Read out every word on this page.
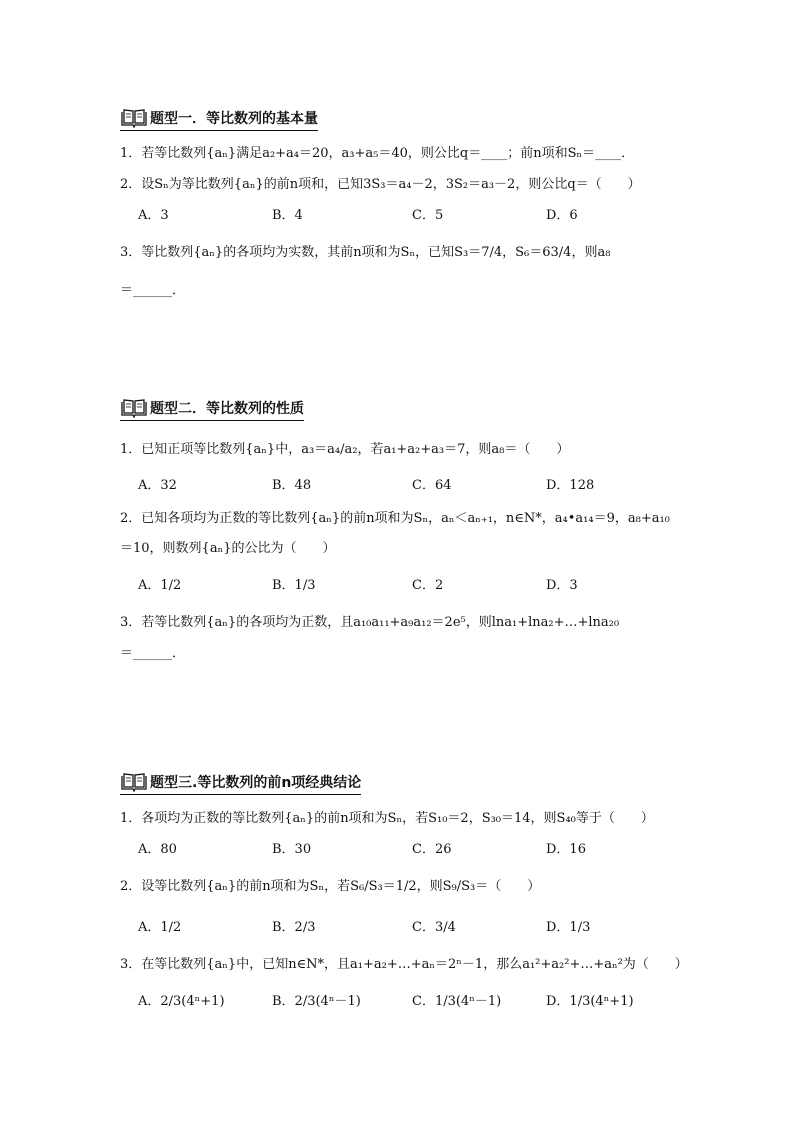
题型一．等比数列的基本量
1．若等比数列{aₙ}满足a₂+a₄＝20，a₃+a₅＝40，则公比q＝____；前n项和Sₙ＝____．
2．设Sₙ为等比数列{aₙ}的前n项和，已知3S₃＝a₄－2，3S₂＝a₃－2，则公比q＝（　　）
A．3	B．4	C．5	D．6
3．等比数列{aₙ}的各项均为实数，其前n项和为Sₙ，已知S₃＝7/4，S₆＝63/4，则a₈
＝______．
题型二．等比数列的性质
1．已知正项等比数列{aₙ}中，a₃＝a₄/a₂，若a₁+a₂+a₃＝7，则a₈＝（　　）
A．32	B．48	C．64	D．128
2．已知各项均为正数的等比数列{aₙ}的前n项和为Sₙ，aₙ＜aₙ₊₁，n∈N*，a₄•a₁₄＝9，a₈+a₁₀
＝10，则数列{aₙ}的公比为（　　）
A．1/2	B．1/3	C．2	D．3
3．若等比数列{aₙ}的各项均为正数，且a₁₀a₁₁+a₉a₁₂＝2e⁵，则lna₁+lna₂+…+lna₂₀
＝______．
题型三.等比数列的前n项经典结论
1．各项均为正数的等比数列{aₙ}的前n项和为Sₙ，若S₁₀＝2，S₃₀＝14，则S₄₀等于（　　）
A．80	B．30	C．26	D．16
2．设等比数列{aₙ}的前n项和为Sₙ，若S₆/S₃＝1/2，则S₉/S₃＝（　　）
A．1/2	B．2/3	C．3/4	D．1/3
3．在等比数列{aₙ}中，已知n∈N*，且a₁+a₂+…+aₙ＝2ⁿ－1，那么a₁²+a₂²+…+aₙ²为（　　）
A．2/3(4ⁿ+1)	B．2/3(4ⁿ－1)	C．1/3(4ⁿ－1)	D．1/3(4ⁿ+1)
